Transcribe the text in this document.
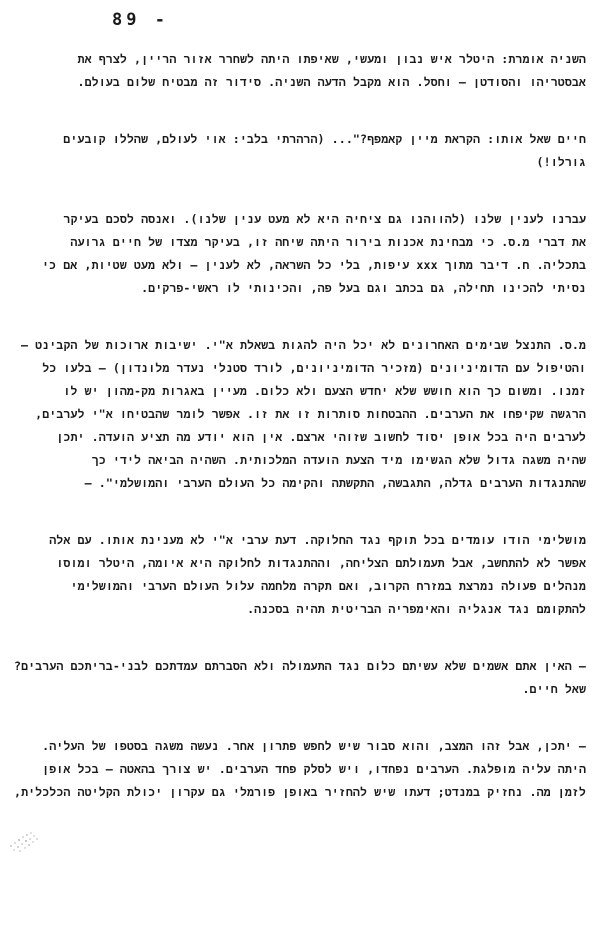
89 -

השניה אומרת: היטלר איש נבון ומעשי, שאיפתו היתה לשחרר אזור הריין, לצרף את
אבסטריהו והסודטן – וחסל. הוא מקבל הדעה השניה. סידור זה מבטיח שלום בעולם.

חיים שאל אותו: הקראת מיין קאמפף?"... (הרהרתי בלבי: אוי לעולם, שהללו קובעים
גורלו!)

עברנו לענין שלנו (להווהנו גם ציחיה היא לא מעט ענין שלנו). ואנסה לסכם בעיקר
את דברי מ.ס. כי מבחינת אכנות בירור היתה שיחה זו, בעיקר מצדו של חיים גרועה
בתכליה. ח. דיבר מתוך xxx עיפות, בלי כל השראה, לא לענין – ולא מעט שטיות, אם כי
נסיתי להכינו תחילה, גם בכתב וגם בעל פה, והכינותי לו ראשי-פרקים.

מ.ס. התנצל שבימים האחרונים לא יכל היה להגות בשאלת א"י. ישיבות ארוכות של הקבינט –
והטיפול עם הדומיניונים (מזכיר הדומיניונים, לורד סטנלי נעדר מלונדון) – בלעו כל
זמנו. ומשום כך הוא חושש שלא יחדש הצעם ולא כלום. מעיין באגרות מק-מהון יש לו
הרגשה שקיפחו את הערבים. ההבטחות סותרות זו את זו. אפשר לומר שהבטיחו א"י לערבים,
לערבים היה בכל אופן יסוד לחשוב שזוהי ארצם. אין הוא יודע מה תציע הועדה. יתכן
שהיה משגה גדול שלא הגשימו מיד הצעת הועדה המלכותית. השהיה הביאה לידי כך
שהתנגדות הערבים גדלה, התגבשה, התקשתה והקימה כל העולם הערבי והמושלמי". –

מושלימי הודו עומדים בכל תוקף נגד החלוקה. דעת ערבי א"י לא מענינת אותו. עם אלה
אפשר לא להתחשב, אבל תעמולתם הצליחה, וההתנגדות לחלוקה היא איומה, היטלר ומוסו
מנהלים פעולה נמרצת במזרח הקרוב, ואם תקרה מלחמה עלול העולם הערבי והמושלימי
להתקומם נגד אנגליה והאימפריה הבריטית תהיה בסכנה.

– האין אתם אשמים שלא עשיתם כלום נגד התעמולה ולא הסברתם עמדתכם לבני-בריתכם הערבים?
שאל חיים.

– יתכן, אבל זהו המצב, והוא סבור שיש לחפש פתרון אחר. נעשה משגה בסטפו של העליה.
היתה עליה מופלגת. הערבים נפחדו, ויש לסלק פחד הערבים. יש צורך בהאטה – בכל אופן
לזמן מה. נחזיק במנדט; דעתו שיש להחזיר באופן פורמלי גם עקרון יכולת הקליטה הכלכלית,
